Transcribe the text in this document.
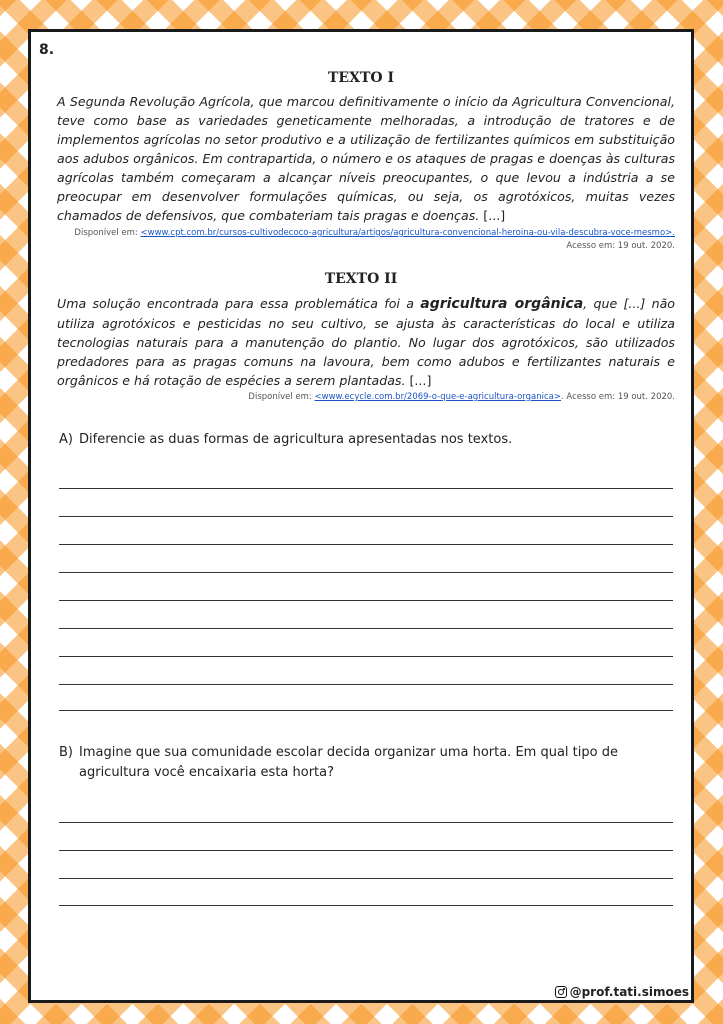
8.
TEXTO I
A Segunda Revolução Agrícola, que marcou definitivamente o início da Agricultura Convencional, teve como base as variedades geneticamente melhoradas, a introdução de tratores e de implementos agrícolas no setor produtivo e a utilização de fertilizantes químicos em substituição aos adubos orgânicos. Em contrapartida, o número e os ataques de pragas e doenças às culturas agrícolas também começaram a alcançar níveis preocupantes, o que levou a indústria a se preocupar em desenvolver formulações químicas, ou seja, os agrotóxicos, muitas vezes chamados de defensivos, que combateriam tais pragas e doenças. [...]
Disponível em: <www.cpt.com.br/cursos-cultivodecoco-agricultura/artigos/agricultura-convencional-heroina-ou-vila-descubra-voce-mesmo>.
Acesso em: 19 out. 2020.
TEXTO II
Uma solução encontrada para essa problemática foi a agricultura orgânica, que [...] não utiliza agrotóxicos e pesticidas no seu cultivo, se ajusta às características do local e utiliza tecnologias naturais para a manutenção do plantio. No lugar dos agrotóxicos, são utilizados predadores para as pragas comuns na lavoura, bem como adubos e fertilizantes naturais e orgânicos e há rotação de espécies a serem plantadas. [...]
Disponível em: <www.ecycle.com.br/2069-o-que-e-agricultura-organica>. Acesso em: 19 out. 2020.
A) Diferencie as duas formas de agricultura apresentadas nos textos.
B) Imagine que sua comunidade escolar decida organizar uma horta. Em qual tipo de agricultura você encaixaria esta horta?
@prof.tati.simoes
